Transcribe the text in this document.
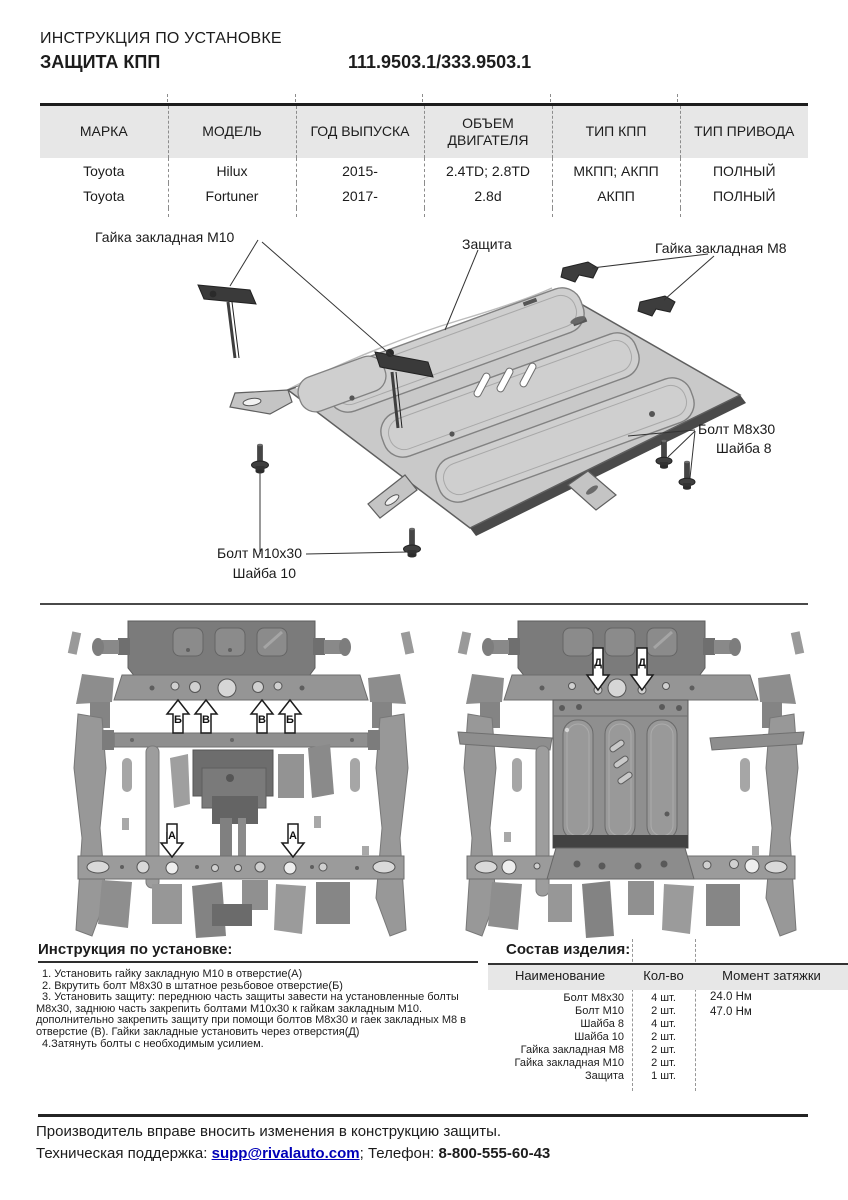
ИНСТРУКЦИЯ ПО УСТАНОВКЕ
ЗАЩИТА КПП	111.9503.1/333.9503.1
МАРКА	МОДЕЛЬ	ГОД ВЫПУСКА	ОБЪЕМ ДВИГАТЕЛЯ	ТИП КПП	ТИП ПРИВОДА
Toyota	Hilux	2015-	2.4TD; 2.8TD	МКПП; АКПП	ПОЛНЫЙ
Toyota	Fortuner	2017-	2.8d	АКПП	ПОЛНЫЙ

Гайка закладная М10	Защита	Гайка закладная М8
Болт М8х30
Шайба 8
Болт М10х30
Шайба 10
Б В	В Б
А	А
Д	Д
Инструкция по установке:

1. Установить гайку закладную М10 в отверстие(А)

2. Вкрутить болт М8х30 в штатное резьбовое отверстие(Б)

3. Установить защиту: переднюю часть защиты завести на установленные болты М8х30, заднюю часть закрепить болтами М10х30 к гайкам закладным М10. дополнительно закрепить защиту при помощи болтов М8х30 и гаек закладных М8 в отверстие (В). Гайки закладные установить через отверстия(Д)

4.Затянуть болты с необходимым усилием.

Состав изделия:
Наименование	Кол-во	Момент затяжки
Болт М8х30	4 шт.	24.0 Нм
Болт М10	2 шт.	47.0 Нм
Шайба 8	4 шт.
Шайба 10	2 шт.
Гайка закладная М8	2 шт.
Гайка закладная М10	2 шт.
Защита	1 шт.
Производитель вправе вносить изменения в конструкцию защиты.
Техническая поддержка: supp@rivalauto.com; Телефон: 8-800-555-60-43
